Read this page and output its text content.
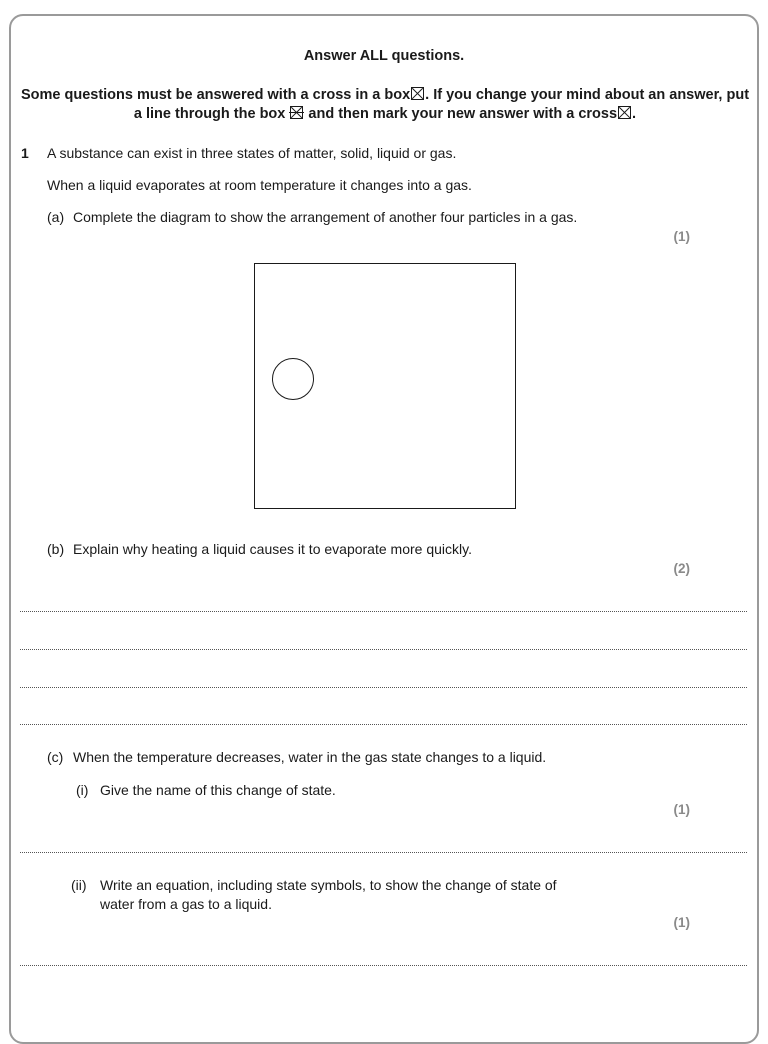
Answer ALL questions.
Some questions must be answered with a cross in a box☒. If you change your mind about an answer, put a line through the box and then mark your new answer with a cross☒.
1 A substance can exist in three states of matter, solid, liquid or gas.
When a liquid evaporates at room temperature it changes into a gas.
(a) Complete the diagram to show the arrangement of another four particles in a gas.
(1)
(b) Explain why heating a liquid causes it to evaporate more quickly.
(2)
(c) When the temperature decreases, water in the gas state changes to a liquid.
(i) Give the name of this change of state.
(1)
(ii) Write an equation, including state symbols, to show the change of state of
water from a gas to a liquid.
(1)
